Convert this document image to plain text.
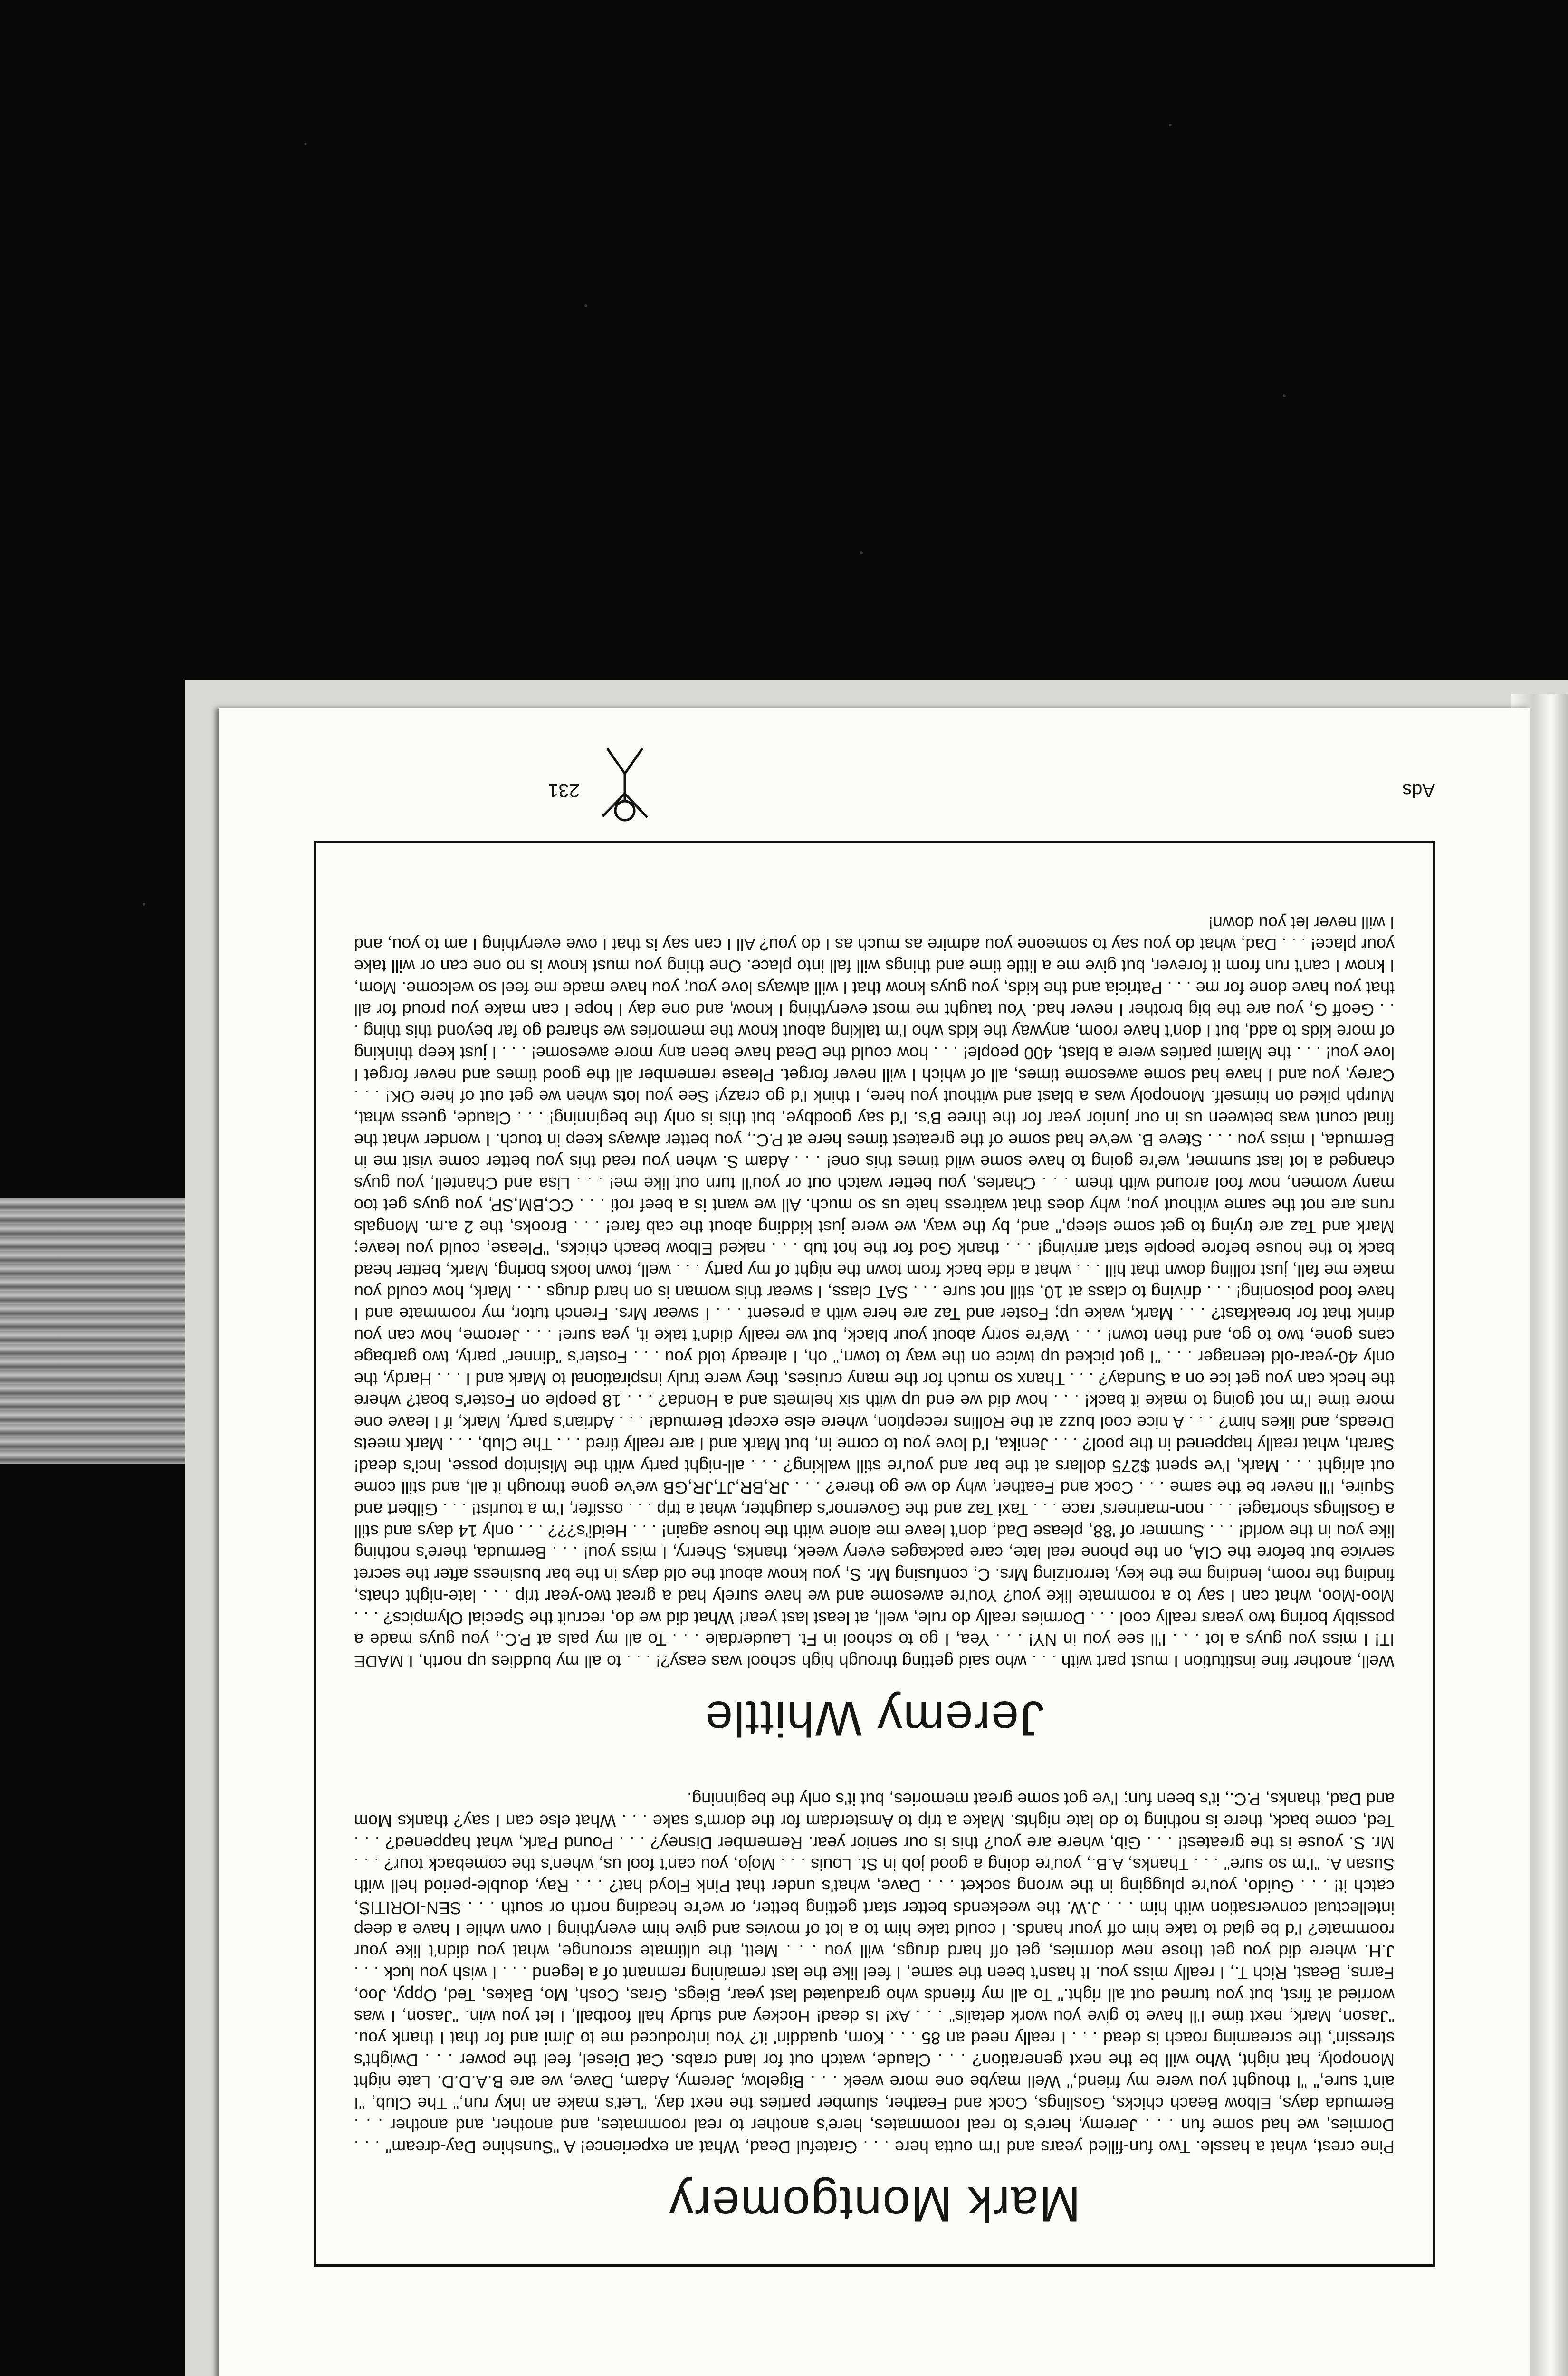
Mark Montgomery

Pine crest, what a hassle. Two fun-filled years and I'm outta here . . . Grateful Dead, What an experience! A "Sunshine Day-dream" . . . Dormies, we had some fun . . . Jeremy, here's to real roommates, here's another to real roommates, and another, and another . . . Bermuda days, Elbow Beach chicks, Goslings, Cock and Feather, slumber parties the next day, "Let's make an inky run," The Club, "I ain't sure," "I thought you were my friend," Well maybe one more week . . . Bigelow, Jeremy, Adam, Dave, we are B.A.D.D. Late night Monopoly, hat night, Who will be the next generation? . . . Claude, watch out for land crabs. Cat Diesel, feel the power . . . Dwight's stressin', the screaming roach is dead . . . I really need an 85 . . . Korn, quaddin' it? You introduced me to Jimi and for that I thank you. "Jason, Mark, next time I'll have to give you work details" . . . Ax! Is dead! Hockey and study hall football, I let you win. "Jason, I was worried at first, but you turned out all right." To all my friends who graduated last year, Biegs, Gras, Cosh, Mo, Bakes, Ted, Oppy, Joo, Farns, Beast, Rich T., I really miss you. It hasn't been the same, I feel like the last remaining remnant of a legend . . . I wish you luck . . . J.H. where did you get those new dormies, get off hard drugs, will you . . . Mett, the ultimate scrounge, what you didn't like your roommate? I'd be glad to take him off your hands. I could take him to a lot of movies and give him everything I own while I have a deep intellectual conversation with him . . . J.W. the weekends better start getting better, or we're heading north or south . . . SEN-IORITIS, catch it! . . . Guido, you're plugging in the wrong socket . . . Dave, what's under that Pink Floyd hat? . . . Ray, double-period hell with Susan A. "I'm so sure" . . . Thanks, A.B., you're doing a good job in St. Louis . . . Mojo, you can't fool us, when's the comeback tour? . . . Mr. S. youse is the greatest! . . . Gib, where are you? this is our senior year. Remember Disney? . . . Pound Park, what happened? . . . Ted, come back, there is nothing to do late nights. Make a trip to Amsterdam for the dorm's sake . . . What else can I say? thanks Mom and Dad, thanks, P.C., it's been fun; I've got some great memories, but it's only the beginning.

Jeremy Whittle

Well, another fine institution I must part with . . . who said getting through high school was easy?! . . . to all my buddies up north, I MADE IT! I miss you guys a lot . . . I'll see you in NY! . . . Yea, I go to school in Ft. Lauderdale . . . To all my pals at P.C., you guys made a possibly boring two years really cool . . . Dormies really do rule, well, at least last year! What did we do, recruit the Special Olympics? . . . Moo-Moo, what can I say to a roommate like you? You're awesome and we have surely had a great two-year trip . . . late-night chats, finding the room, lending me the key, terrorizing Mrs. C, confusing Mr. S, you know about the old days in the bar business after the secret service but before the CIA, on the phone real late, care packages every week, thanks, Sherry, I miss you! . . . Bermuda, there's nothing like you in the world! . . . Summer of '88, please Dad, don't leave me alone with the house again! . . . Heidi's??? . . . only 14 days and still a Goslings shortage! . . . non-mariners' race . . . Taxi Taz and the Governor's daughter, what a trip . . . ossifer, I'm a tourist! . . . Gilbert and Squire, I'll never be the same . . . Cock and Feather, why do we go there? . . . JR,BR,JT,JR,GB we've gone through it all, and still come out alright . . . Mark, I've spent $275 dollars at the bar and you're still walking? . . . all-night party with the Misintop posse, Inci's dead! Sarah, what really happened in the pool? . . . Jenika, I'd love you to come in, but Mark and I are really tired . . . The Club, . . . Mark meets Dreads, and likes him? . . . A nice cool buzz at the Rollins reception, where else except Bermuda! . . . Adrian's party, Mark, if I leave one more time I'm not going to make it back! . . . how did we end up with six helmets and a Honda? . . . 18 people on Foster's boat? where the heck can you get ice on a Sunday? . . . Thanx so much for the many cruises, they were truly inspirational to Mark and I . . . Hardy, the only 40-year-old teenager . . . "I got picked up twice on the way to town," oh, I already told you . . . Foster's "dinner" party, two garbage cans gone, two to go, and then town! . . . We're sorry about your black, but we really didn't take it, yea sure! . . . Jerome, how can you drink that for breakfast? . . . Mark, wake up; Foster and Taz are here with a present . . . I swear Mrs. French tutor, my roommate and I have food poisoning! . . . driving to class at 10, still not sure . . . SAT class, I swear this woman is on hard drugs . . . Mark, how could you make me fall, just rolling down that hill . . . what a ride back from town the night of my party . . . well, town looks boring, Mark, better head back to the house before people start arriving! . . . thank God for the hot tub . . . naked Elbow beach chicks, "Please, could you leave; Mark and Taz are trying to get some sleep," and, by the way, we were just kidding about the cab fare! . . . Brooks, the 2 a.m. Mongals runs are not the same without you; why does that waitress hate us so much. All we want is a beef roti . . . CC,BM,SP, you guys get too many women, now fool around with them . . . Charles, you better watch out or you'll turn out like me! . . . Lisa and Chantell, you guys changed a lot last summer, we're going to have some wild times this one! . . . Adam S. when you read this you better come visit me in Bermuda, I miss you . . . Steve B. we've had some of the greatest times here at P.C., you better always keep in touch. I wonder what the final count was between us in our junior year for the three B's. I'd say goodbye, but this is only the beginning! . . . Claude, guess what, Murph piked on himself. Monopoly was a blast and without you here, I think I'd go crazy! See you lots when we get out of here OK! . . . Carey, you and I have had some awesome times, all of which I will never forget. Please remember all the good times and never forget I love you! . . . the Miami parties were a blast, 400 people! . . . how could the Dead have been any more awesome! . . . I just keep thinking of more kids to add, but I don't have room, anyway the kids who I'm talking about know the memories we shared go far beyond this thing . . . Geoff G, you are the big brother I never had. You taught me most everything I know, and one day I hope I can make you proud for all that you have done for me . . . Patricia and the kids, you guys know that I will always love you; you have made me feel so welcome. Mom, I know I can't run from it forever, but give me a little time and things will fall into place. One thing you must know is no one can or will take your place! . . . Dad, what do you say to someone you admire as much as I do you? All I can say is that I owe everything I am to you, and I will never let you down!

Ads
231
